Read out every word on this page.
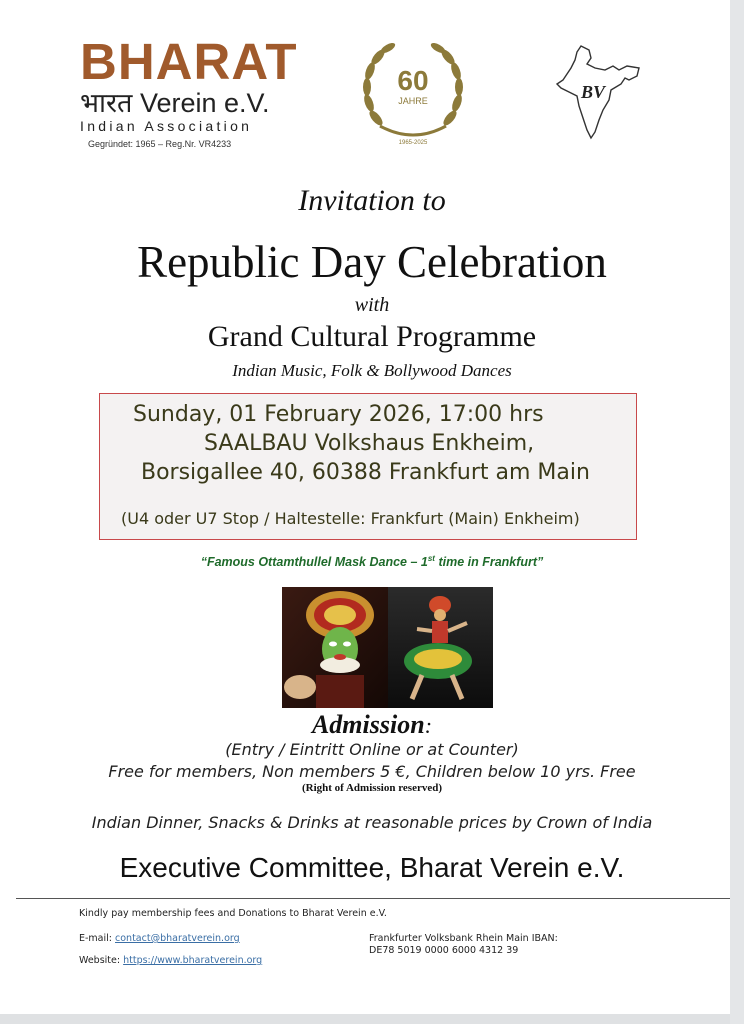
BHARAT
भारत Verein e.V.
Indian Association
Gegründet: 1965 – Reg.Nr. VR4233
60
JAHRE
1965-2025
BV
Invitation to
Republic Day Celebration
with
Grand Cultural Programme
Indian Music, Folk & Bollywood Dances
Sunday, 01 February 2026, 17:00 hrs
SAALBAU Volkshaus Enkheim,
Borsigallee 40, 60388 Frankfurt am Main
(U4 oder U7 Stop / Haltestelle: Frankfurt (Main) Enkheim)
“Famous Ottamthullel Mask Dance – 1st time in Frankfurt”
Admission:
(Entry / Eintritt Online or at Counter)
Free for members, Non members 5 €, Children below 10 yrs. Free
(Right of Admission reserved)
Indian Dinner, Snacks & Drinks at reasonable prices by Crown of India
Executive Committee, Bharat Verein e.V.
Kindly pay membership fees and Donations to Bharat Verein e.V.
E-mail: contact@bharatverein.org
Website: https://www.bharatverein.org
Frankfurter Volksbank Rhein Main IBAN:
DE78 5019 0000 6000 4312 39
